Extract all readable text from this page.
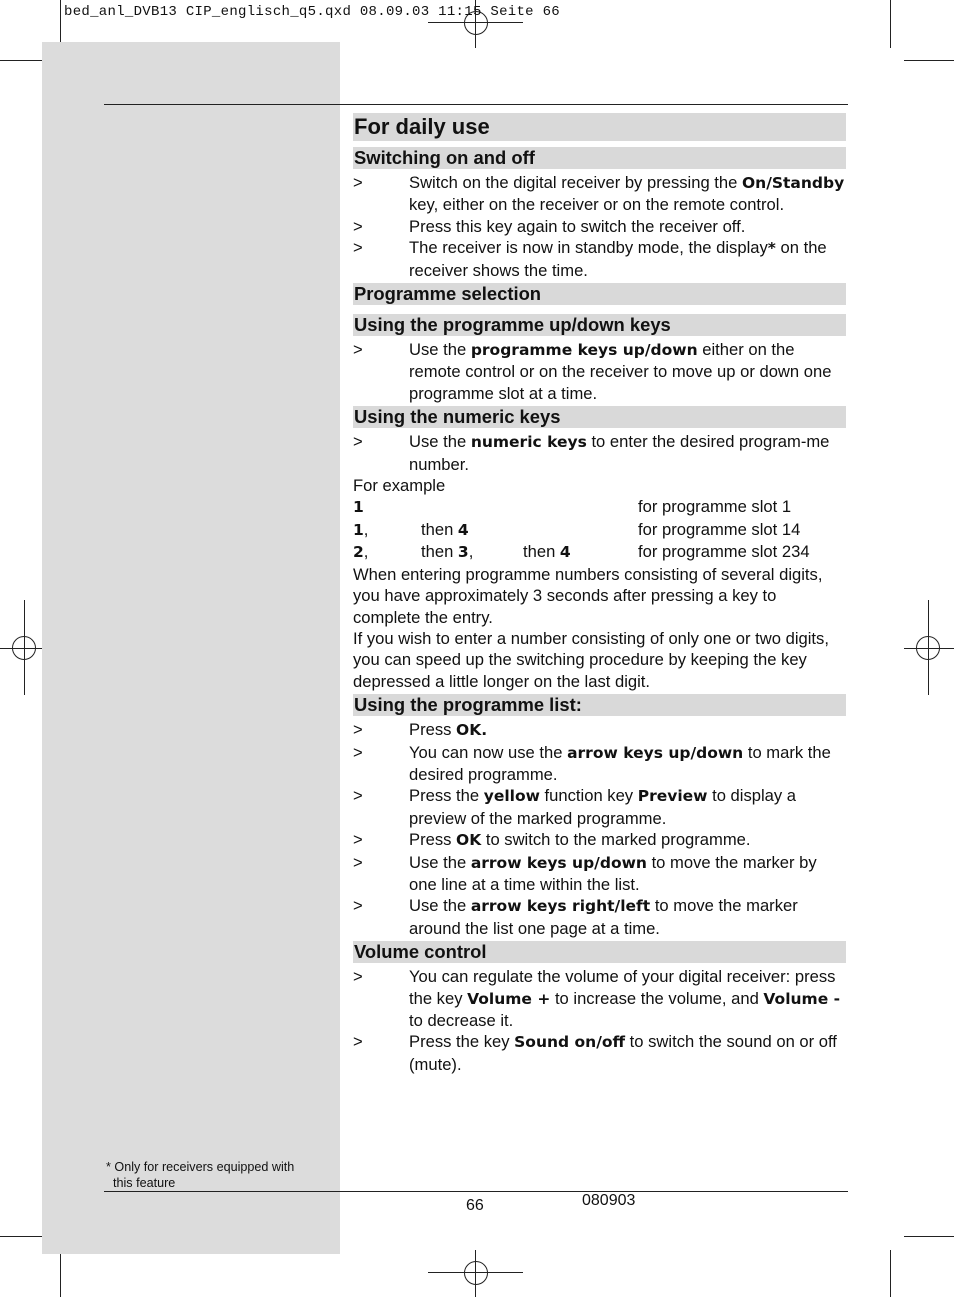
bed_anl_DVB13 CIP_englisch_q5.qxd 08.09.03 11:15 Seite 66
For daily use
Switching on and off
>	Switch on the digital receiver by pressing the On/Standby key, either on the receiver or on the remote control.
>	Press this key again to switch the receiver off.
>	The receiver is now in standby mode, the display* on the receiver shows the time.
Programme selection
Using the programme up/down keys
>	Use the programme keys up/down either on the remote control or on the receiver to move up or down one programme slot at a time.
Using the numeric keys
>	Use the numeric keys to enter the desired program-me number.
For example
1	for programme slot 1
1,	then 4	for programme slot 14
2,	then 3,	then 4	for programme slot 234
When entering programme numbers consisting of several digits, you have approximately 3 seconds after pressing a key to complete the entry.
If you wish to enter a number consisting of only one or two digits, you can speed up the switching procedure by keeping the key depressed a little longer on the last digit.
Using the programme list:
>	Press OK.
>	You can now use the arrow keys up/down to mark the desired programme.
>	Press the yellow function key Preview to display a preview of the marked programme.
>	Press OK to switch to the marked programme.
>	Use the arrow keys up/down to move the marker by one line at a time within the list.
>	Use the arrow keys right/left to move the marker around the list one page at a time.
Volume control
>	You can regulate the volume of your digital receiver: press the key Volume + to increase the volume, and Volume - to decrease it.
>	Press the key Sound on/off to switch the sound on or off (mute).
* Only for receivers equipped with
this feature
66	080903
